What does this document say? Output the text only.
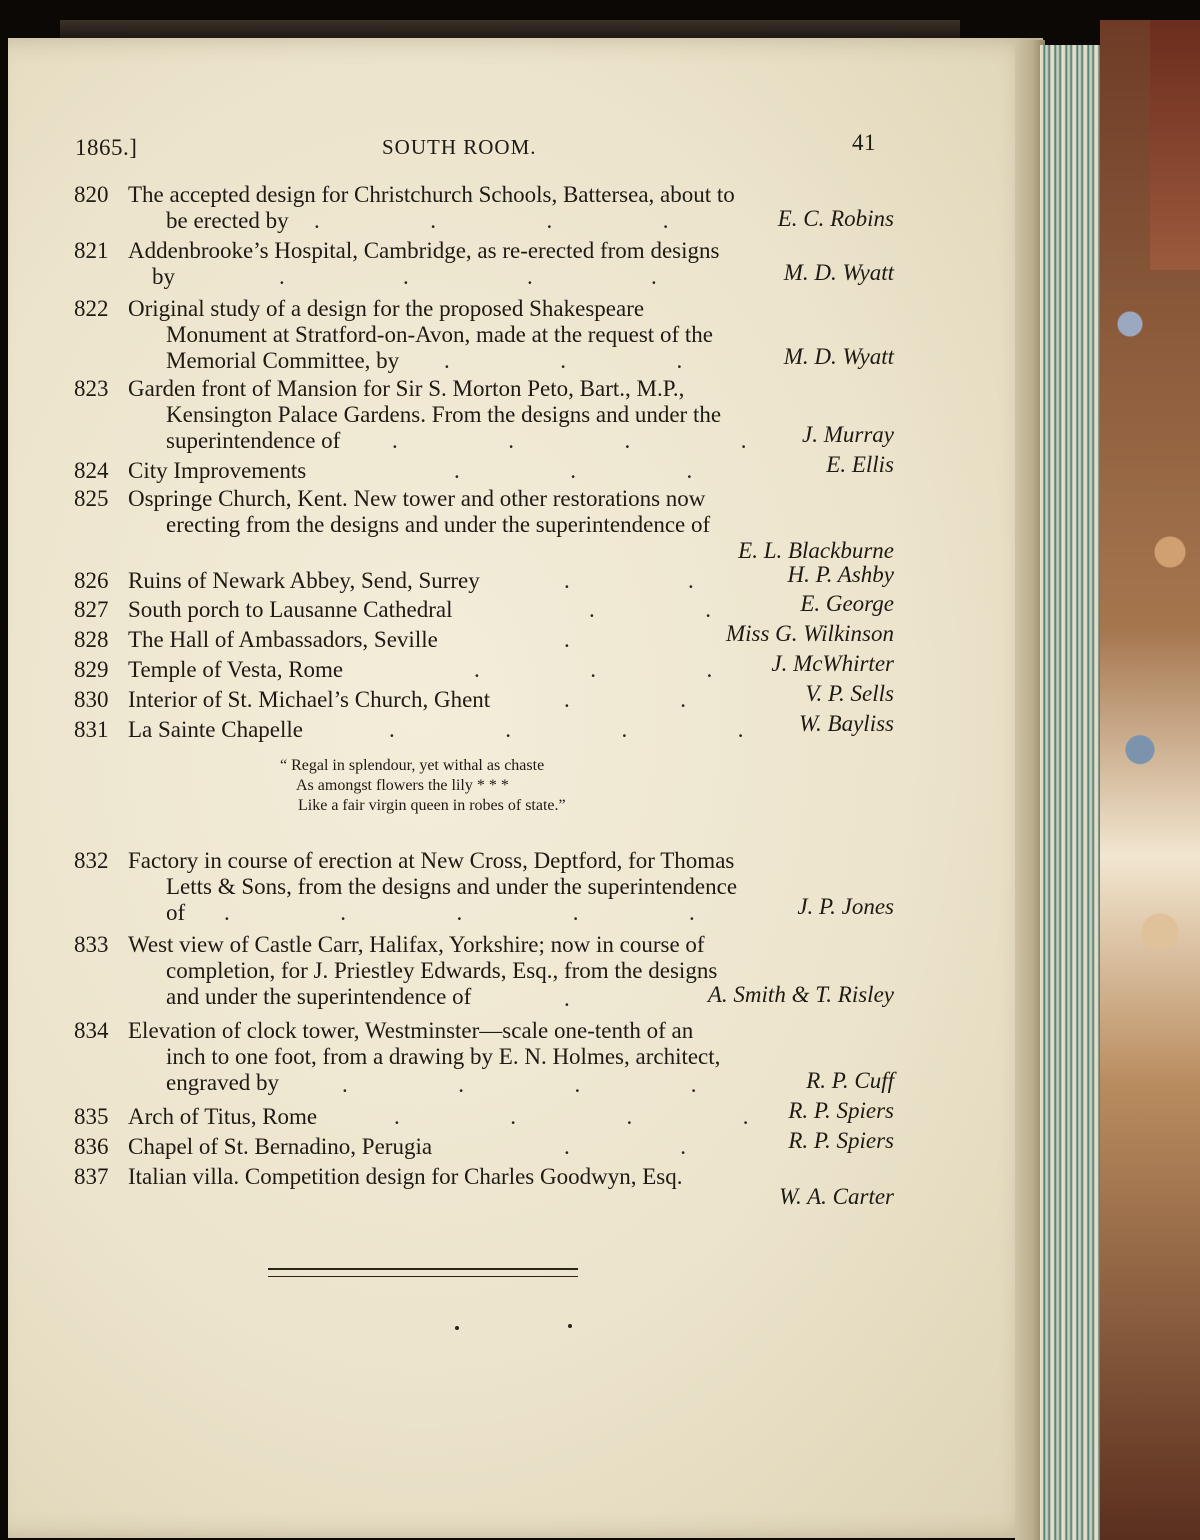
1865.]	SOUTH ROOM.	41
820 The accepted design for Christchurch Schools, Battersea, about to
be erected by	.              .              .              .	E. C. Robins
821 Addenbrooke’s Hospital, Cambridge, as re-erected from designs
by	.               .               .               .	M. D. Wyatt
822 Original study of a design for the proposed Shakespeare
Monument at Stratford-on-Avon, made at the request of the
Memorial Committee, by	.              .              .	M. D. Wyatt
823 Garden front of Mansion for Sir S. Morton Peto, Bart., M.P.,
Kensington Palace Gardens. From the designs and under the
superintendence of	.              .              .              . J. Murray
824 City Improvements	.              .              .	E. Ellis
825 Ospringe Church, Kent. New tower and other restorations now
erecting from the designs and under the superintendence of
E. L. Blackburne
826 Ruins of Newark Abbey, Send, Surrey	.               .	H. P. Ashby
827 South porch to Lausanne Cathedral	.              .	E. George
828 The Hall of Ambassadors, Seville	.	Miss G. Wilkinson
829 Temple of Vesta, Rome	.              .              . J. McWhirter
830 Interior of St. Michael’s Church, Ghent	.              .	V. P. Sells
831 La Sainte Chapelle	.              .              .              . W. Bayliss
832 Factory in course of erection at New Cross, Deptford, for Thomas
Letts & Sons, from the designs and under the superintendence
of	.              .              .              .              .	J. P. Jones
833 West view of Castle Carr, Halifax, Yorkshire; now in course of
completion, for J. Priestley Edwards, Esq., from the designs
and under the superintendence of	.	A. Smith & T. Risley
834 Elevation of clock tower, Westminster—scale one-tenth of an
inch to one foot, from a drawing by E. N. Holmes, architect,
engraved by	.              .              .              .	R. P. Cuff
835 Arch of Titus, Rome	.              .              .              . R. P. Spiers
836 Chapel of St. Bernadino, Perugia	.              .	R. P. Spiers
837 Italian villa. Competition design for Charles Goodwyn, Esq.
W. A. Carter
“ Regal in splendour, yet withal as chaste
As amongst flowers the lily * * *
Like a fair virgin queen in robes of state.”
